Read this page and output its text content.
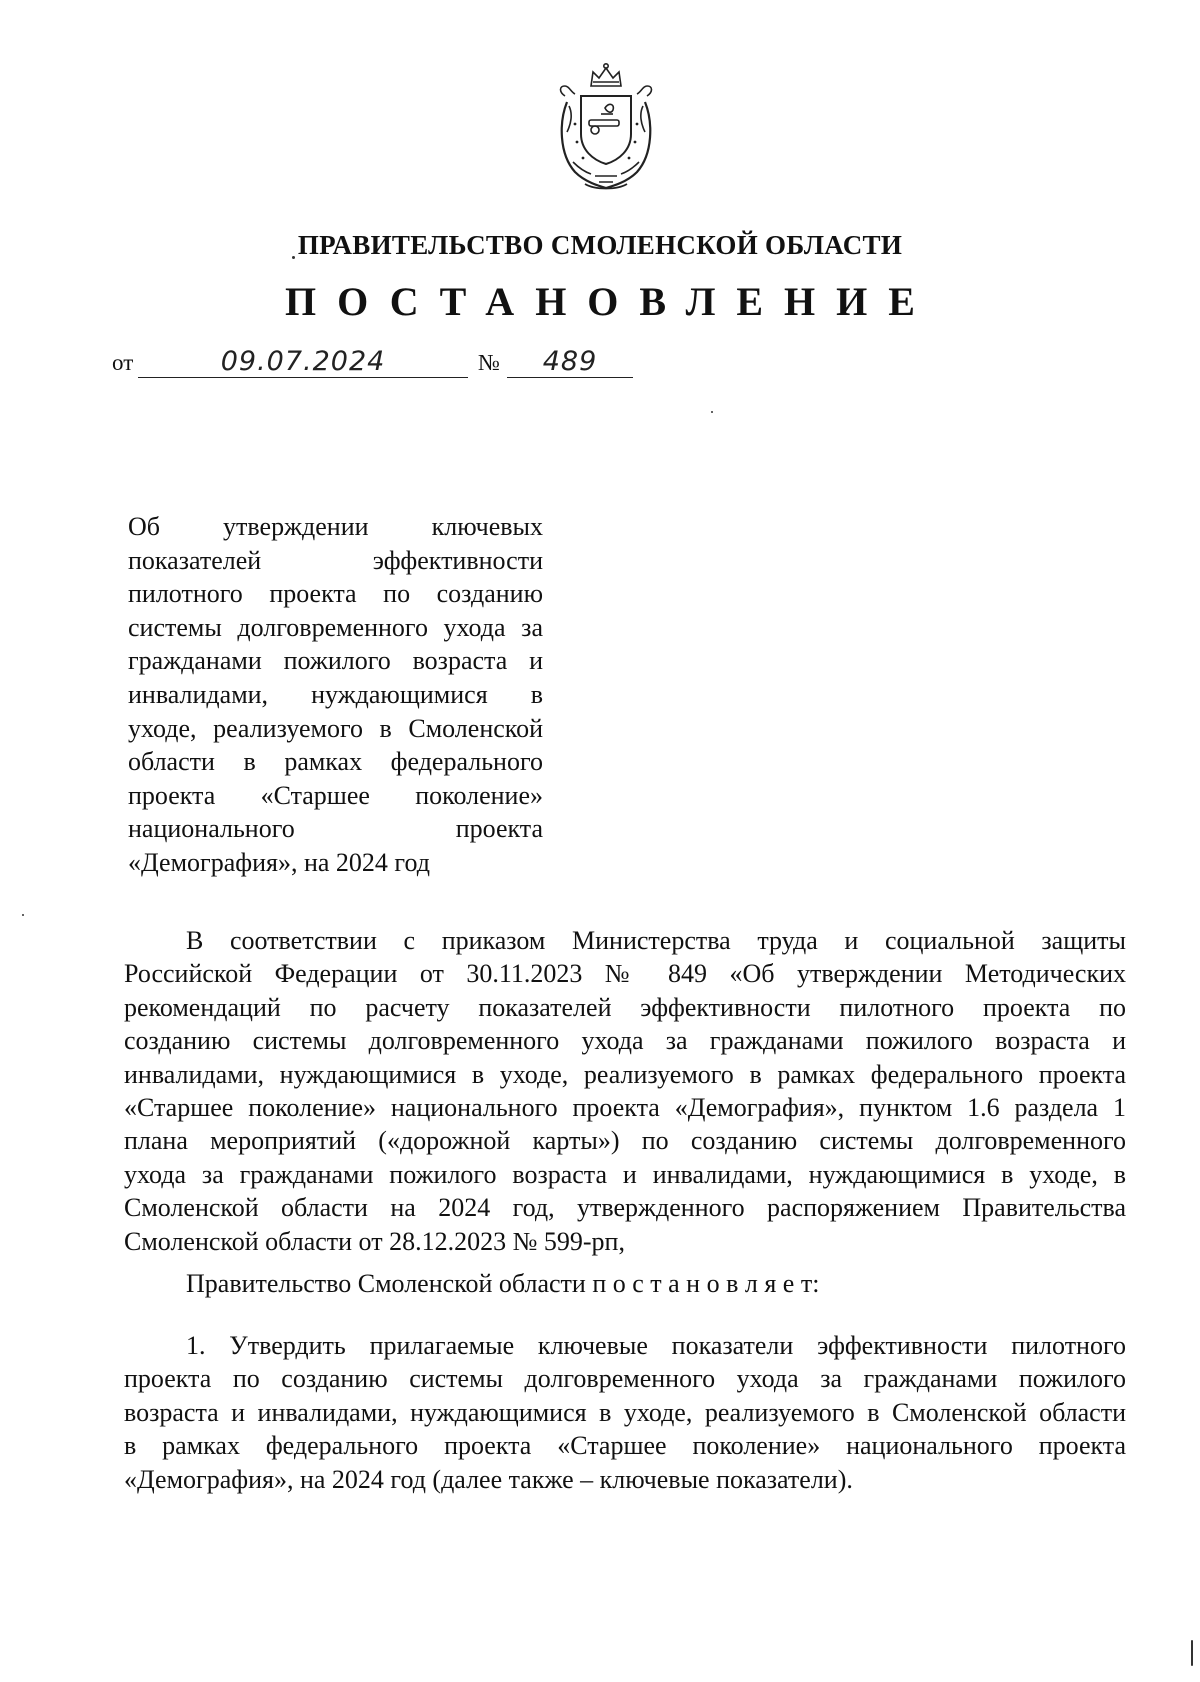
ПРАВИТЕЛЬСТВО СМОЛЕНСКОЙ ОБЛАСТИ
ПОСТАНОВЛЕНИЕ
от	09.07.2024	№	489

Об утверждении ключевых
показателей эффективности
пилотного проекта по созданию
системы долговременного ухода за
гражданами пожилого возраста и
инвалидами, нуждающимися в
уходе, реализуемого в Смоленской
области в рамках федерального
проекта «Старшее поколение»
национального проекта
«Демография», на 2024 год

В соответствии с приказом Министерства труда и социальной защиты
Российской Федерации от 30.11.2023 № 849 «Об утверждении Методических
рекомендаций по расчету показателей эффективности пилотного проекта по
созданию системы долговременного ухода за гражданами пожилого возраста и
инвалидами, нуждающимися в уходе, реализуемого в рамках федерального проекта
«Старшее поколение» национального проекта «Демография», пунктом 1.6 раздела 1
плана мероприятий («дорожной карты») по созданию системы долговременного
ухода за гражданами пожилого возраста и инвалидами, нуждающимися в уходе, в
Смоленской области на 2024 год, утвержденного распоряжением Правительства
Смоленской области от 28.12.2023 № 599-рп,

Правительство Смоленской области п о с т а н о в л я е т:

1. Утвердить прилагаемые ключевые показатели эффективности пилотного
проекта по созданию системы долговременного ухода за гражданами пожилого
возраста и инвалидами, нуждающимися в уходе, реализуемого в Смоленской области
в рамках федерального проекта «Старшее поколение» национального проекта
«Демография», на 2024 год (далее также – ключевые показатели).
